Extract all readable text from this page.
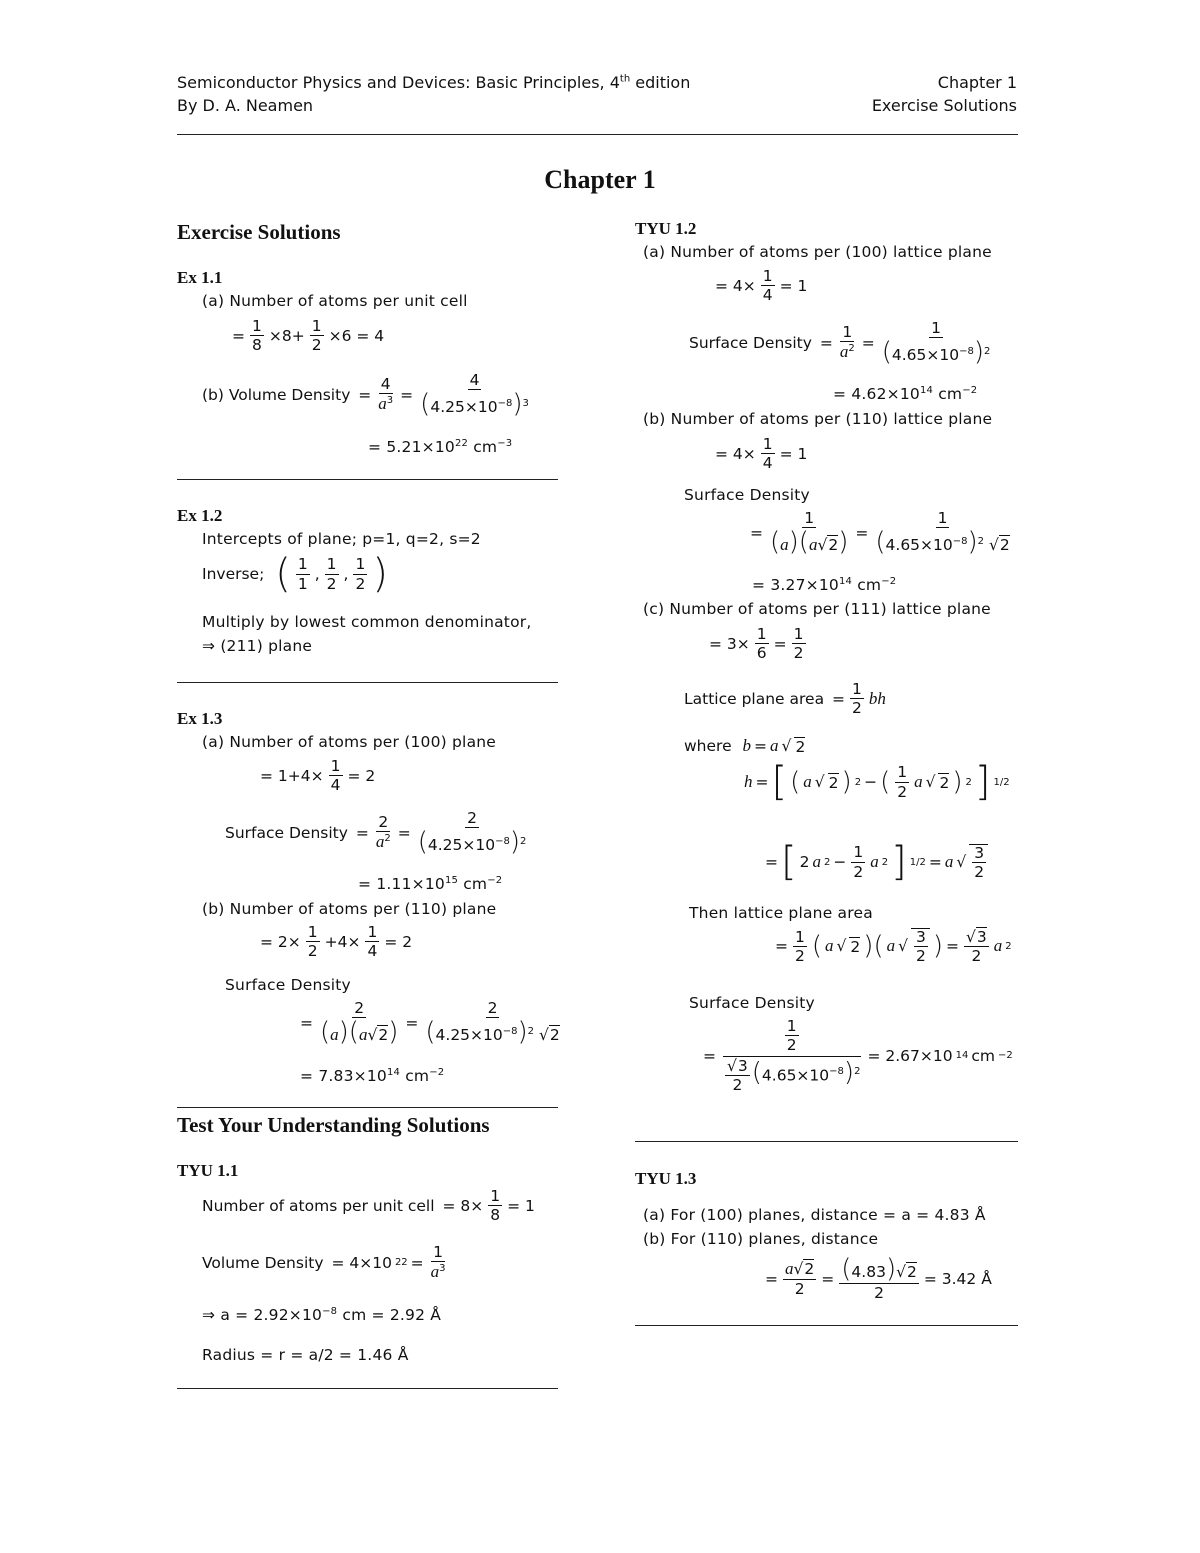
Semiconductor Physics and Devices: Basic Principles, 4th edition
By D. A. Neamen
Chapter 1
Exercise Solutions
Chapter 1
Exercise Solutions
Ex 1.1
(a) Number of atoms per unit cell
= $\frac{1}{8} \times 8+ \frac{1}{2} \times 6 = 4$
(b) Volume Density = $\frac{4}{a^3} = \frac{4}{(4.25\times 10^{-8})^3}$
= $5.21\times 10^{22}$ $cm^{-3}$
Ex 1.2
Intercepts of plane; p=1, q=2, s=2
Inverse;
( $\frac{1}{1}$ , $\frac{1}{2}$ , $\frac{1}{2}$ )
Multiply by lowest common denominator,
⇒ (211) plane
Ex 1.3
(a) Number of atoms per (100) plane
= $1+4\times \frac{1}{4} = 2$
Surface Density = $\frac{2}{a^2} = \frac{2}{(4.25\times 10^{-8})^2}$
= $1.11\times 10^{15}$ $cm^{-2}$
(b) Number of atoms per (110) plane
= $2\times \frac{1}{2} +4\times \frac{1}{4} = 2$
Surface Density
= $\frac{2}{(a)(a√2)} = \frac{2}{(4.25\times 10^{-8})^2 √2}$
= $7.83\times 10^{14}$ $cm^{-2}$
Test Your Understanding Solutions
TYU 1.1
Number of atoms per unit cell = $8\times \frac{1}{8} = 1$
Volume Density = 4×10 $22 = \frac{1}{a^3}$
⇒ $a = 2.92\times 10^{-8}$ cm = 2.92 Å
Radius = r = a/2 = 1.46 Å
TYU 1.2
(a) Number of atoms per (100) lattice plane
= $4\times \frac{1}{4} = 1$
Surface Density = $\frac{1}{a^2} = \frac{1}{(4.65\times 10^{-8})^2}$
= $4.62\times 10^{14}$ $cm^{-2}$
(b) Number of atoms per (110) lattice plane
= $4\times \frac{1}{4} = 1$
Surface Density
= $\frac{1}{(a)(a√2)} = \frac{1}{(4.65\times 10^{-8})^2 √2}$
= $3.27\times 10^{14}$ $cm^{-2}$
(c) Number of atoms per (111) lattice plane
= $3\times \frac{1}{6} = \frac{1}{2}$
Lattice plane area = $\frac{1}{2}$ bh
where
b = a √ 2
h = [ ( a √ 2 ) 2 − ( $\frac{1}{2}$ a √ 2 ) 2 ] 1/2
= [ 2 a $2 - \frac{1}{2}$ a 2 ] 1/2 = a √ $\frac{3}{2}$
Then lattice plane area
= $\frac{1}{2}$ ( a √ 2 )( a √ $\frac{3}{2}$ ) = $\frac{√3}{2}$ a 2
Surface Density
= $\frac{\frac{1}{2}}{\frac{√3}{2} (4.65\times 10^{-8})^2} = 2.67\times 10$ 14 cm −2
TYU 1.3
(a) For (100) planes, distance = a = 4.83 Å
(b) For (110) planes, distance
= $\frac{a√2}{2} = \frac{(4.83)√2}{2} = 3.42$ Å
